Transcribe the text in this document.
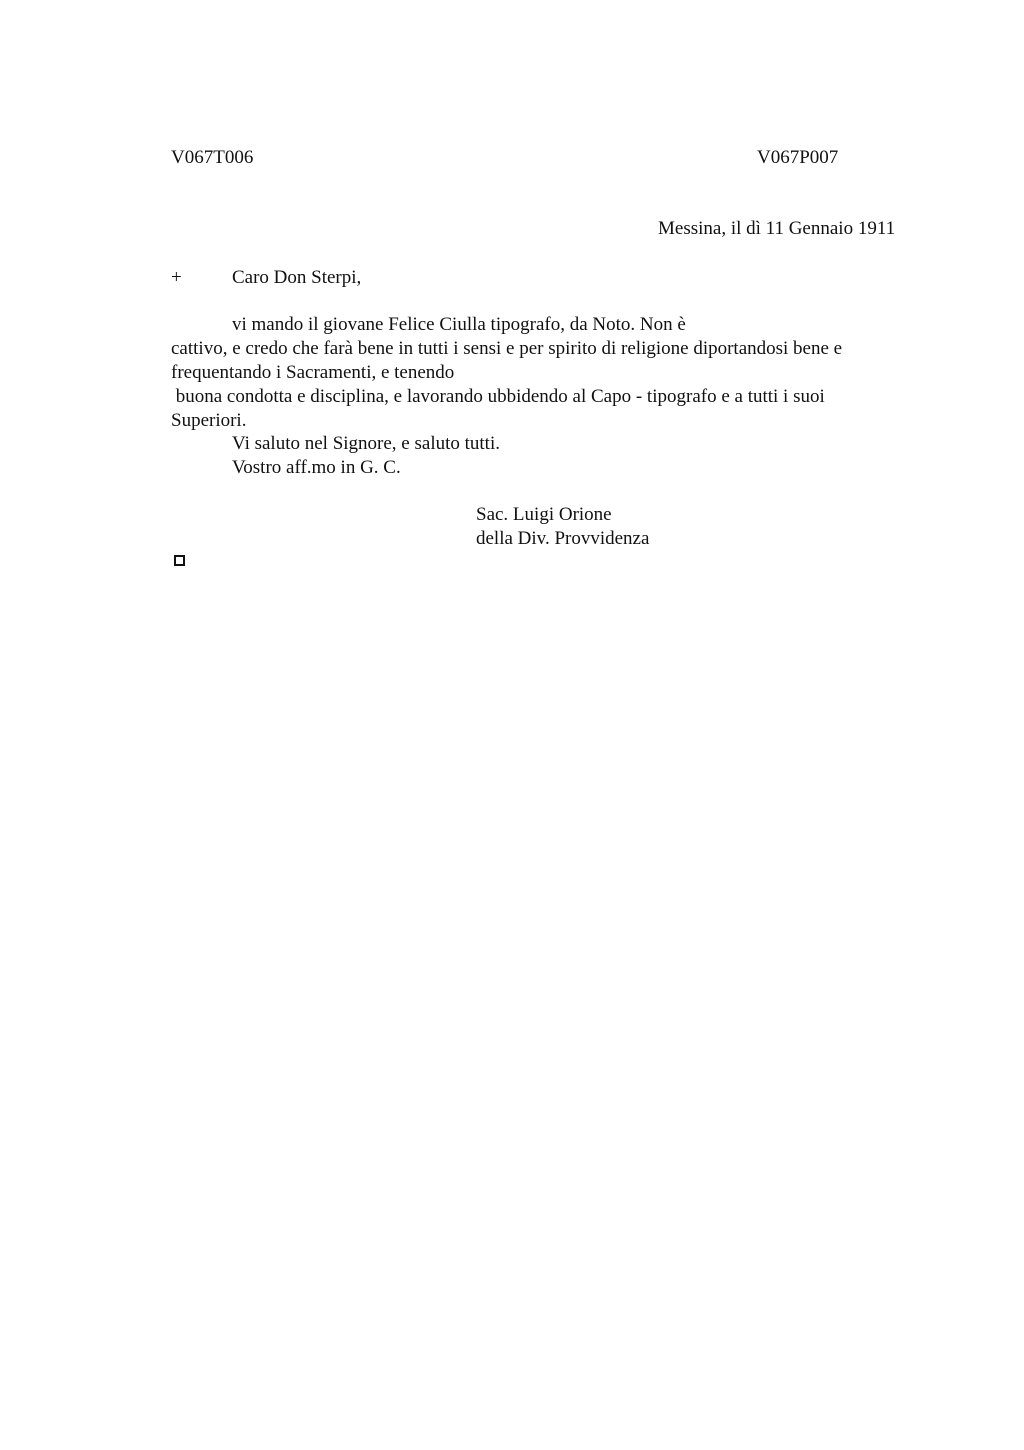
V067T006	V067P007
Messina, il dì 11 Gennaio 1911
+	Caro Don Sterpi,
vi mando il giovane Felice Ciulla tipografo, da Noto. Non è
cattivo, e credo che farà bene in tutti i sensi e per spirito di religione diportandosi bene e
frequentando i Sacramenti, e tenendo
buona condotta e disciplina, e lavorando ubbidendo al Capo - tipografo e a tutti i suoi
Superiori.
Vi saluto nel Signore, e saluto tutti.
Vostro aff.mo in G. C.
Sac. Luigi Orione
della Div. Provvidenza
